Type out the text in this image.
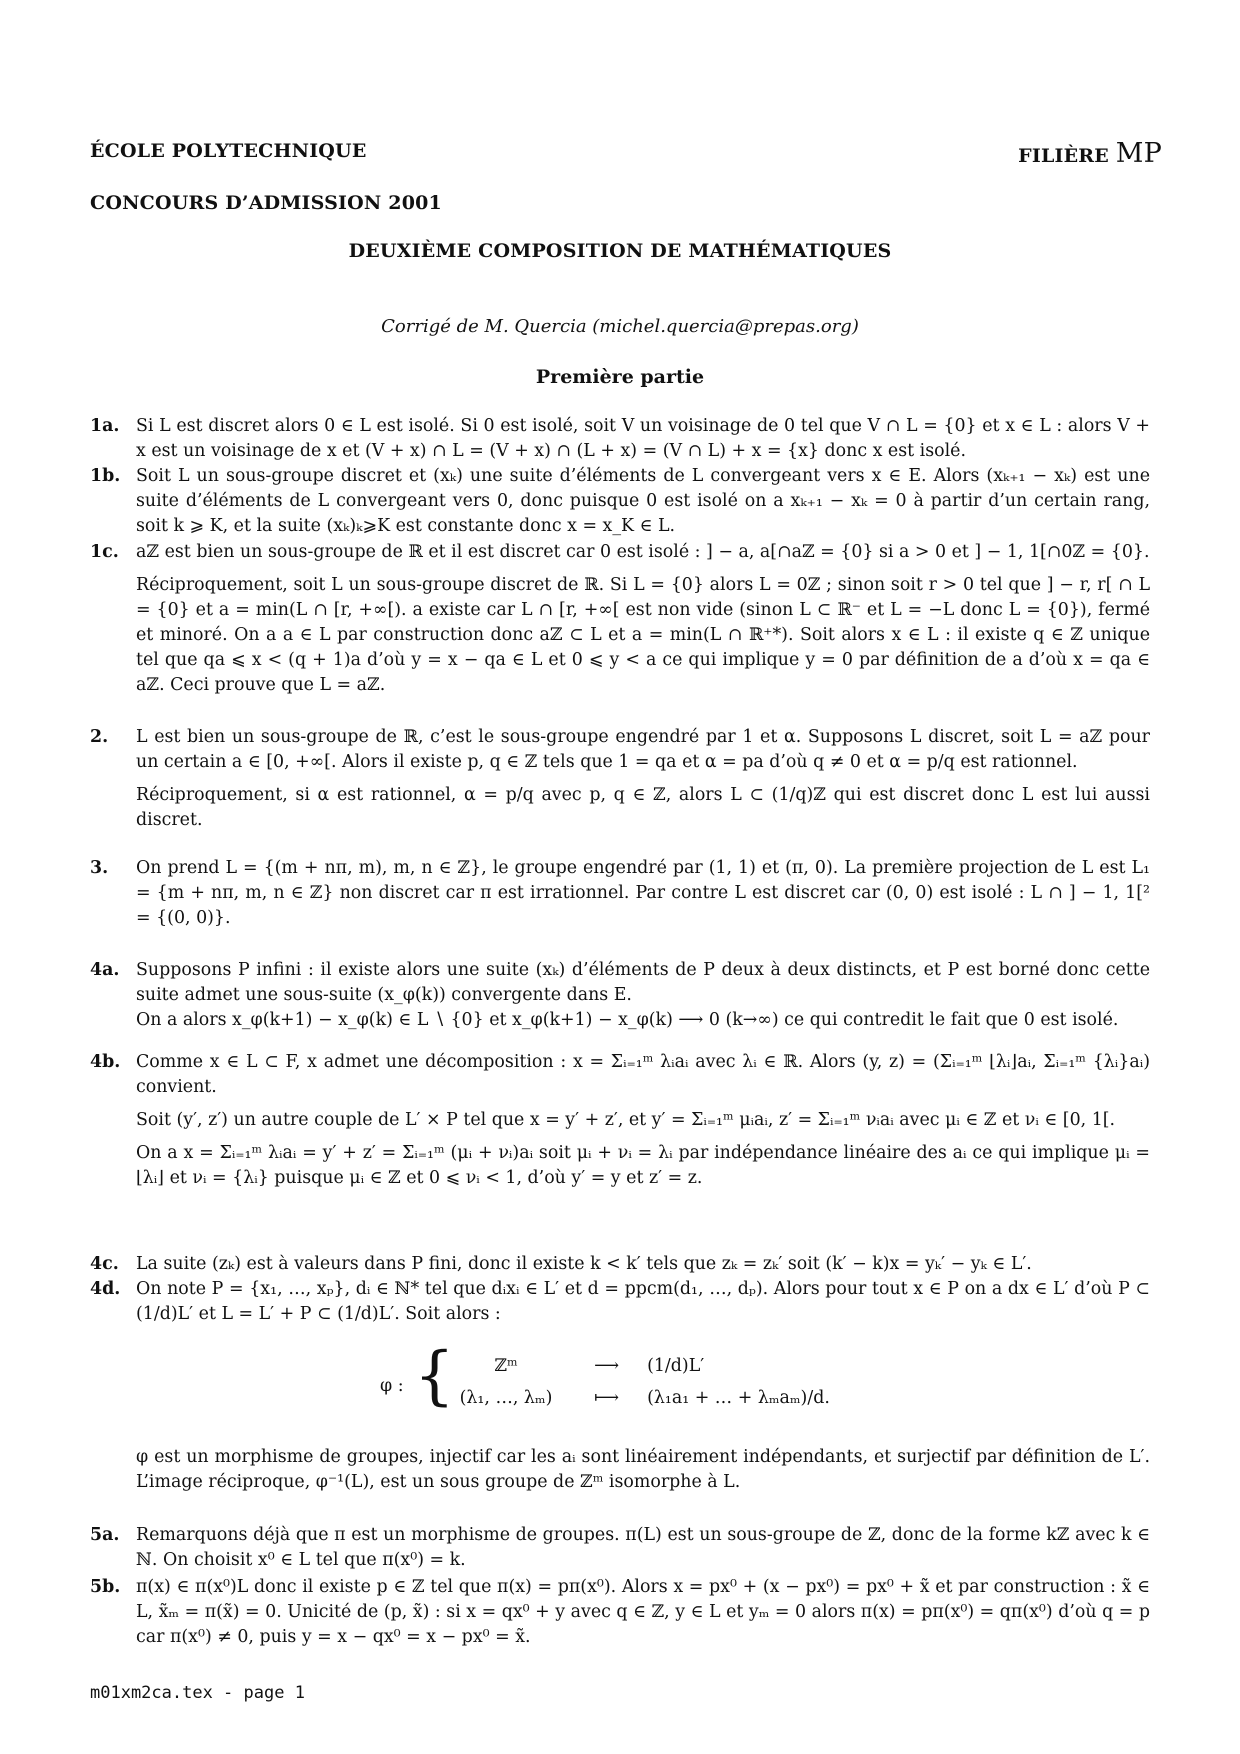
ÉCOLE POLYTECHNIQUE	FILIÈRE MP
CONCOURS D’ADMISSION 2001
DEUXIÈME COMPOSITION DE MATHÉMATIQUES
Corrigé de M. Quercia (michel.quercia@prepas.org)
Première partie
1a. Si L est discret alors 0 ∈ L est isolé. Si 0 est isolé, soit V un voisinage de 0 tel que V ∩ L = {0} et x ∈ L : alors V + x est un voisinage de x et (V + x) ∩ L = (V + x) ∩ (L + x) = (V ∩ L) + x = {x} donc x est isolé.

1b. Soit L un sous-groupe discret et (xₖ) une suite d’éléments de L convergeant vers x ∈ E. Alors (xₖ₊₁ − xₖ) est une suite d’éléments de L convergeant vers 0, donc puisque 0 est isolé on a xₖ₊₁ − xₖ = 0 à partir d’un certain rang, soit k ⩾ K, et la suite (xₖ)ₖ⩾K est constante donc x = x_K ∈ L.

1c. aℤ est bien un sous-groupe de ℝ et il est discret car 0 est isolé : ] − a, a[∩aℤ = {0} si a > 0 et ] − 1, 1[∩0ℤ = {0}.

Réciproquement, soit L un sous-groupe discret de ℝ. Si L = {0} alors L = 0ℤ ; sinon soit r > 0 tel que ] − r, r[ ∩ L = {0} et a = min(L ∩ [r, +∞[). a existe car L ∩ [r, +∞[ est non vide (sinon L ⊂ ℝ⁻ et L = −L donc L = {0}), fermé et minoré. On a a ∈ L par construction donc aℤ ⊂ L et a = min(L ∩ ℝ⁺*). Soit alors x ∈ L : il existe q ∈ ℤ unique tel que qa ⩽ x < (q + 1)a d’où y = x − qa ∈ L et 0 ⩽ y < a ce qui implique y = 0 par définition de a d’où x = qa ∈ aℤ. Ceci prouve que L = aℤ.

2. L est bien un sous-groupe de ℝ, c’est le sous-groupe engendré par 1 et α. Supposons L discret, soit L = aℤ pour un certain a ∈ [0, +∞[. Alors il existe p, q ∈ ℤ tels que 1 = qa et α = pa d’où q ≠ 0 et α = p/q est rationnel.

Réciproquement, si α est rationnel, α = p/q avec p, q ∈ ℤ, alors L ⊂ (1/q)ℤ qui est discret donc L est lui aussi discret.

3. On prend L = {(m + nπ, m), m, n ∈ ℤ}, le groupe engendré par (1, 1) et (π, 0). La première projection de L est L₁ = {m + nπ, m, n ∈ ℤ} non discret car π est irrationnel. Par contre L est discret car (0, 0) est isolé : L ∩ ] − 1, 1[² = {(0, 0)}.

4a. Supposons P infini : il existe alors une suite (xₖ) d’éléments de P deux à deux distincts, et P est borné donc cette suite admet une sous-suite (x_φ(k)) convergente dans E.

On a alors x_φ(k+1) − x_φ(k) ∈ L ∖ {0} et x_φ(k+1) − x_φ(k) ⟶ 0 (k→∞) ce qui contredit le fait que 0 est isolé.

4b. Comme x ∈ L ⊂ F, x admet une décomposition : x = Σᵢ₌₁ᵐ λᵢaᵢ avec λᵢ ∈ ℝ. Alors (y, z) = (Σᵢ₌₁ᵐ ⌊λᵢ⌋aᵢ, Σᵢ₌₁ᵐ {λᵢ}aᵢ) convient.

Soit (y′, z′) un autre couple de L′ × P tel que x = y′ + z′, et y′ = Σᵢ₌₁ᵐ μᵢaᵢ, z′ = Σᵢ₌₁ᵐ νᵢaᵢ avec μᵢ ∈ ℤ et νᵢ ∈ [0, 1[.

On a x = Σᵢ₌₁ᵐ λᵢaᵢ = y′ + z′ = Σᵢ₌₁ᵐ (μᵢ + νᵢ)aᵢ soit μᵢ + νᵢ = λᵢ par indépendance linéaire des aᵢ ce qui implique μᵢ = ⌊λᵢ⌋ et νᵢ = {λᵢ} puisque μᵢ ∈ ℤ et 0 ⩽ νᵢ < 1, d’où y′ = y et z′ = z.

4c. La suite (zₖ) est à valeurs dans P fini, donc il existe k < k′ tels que zₖ = zₖ′ soit (k′ − k)x = yₖ′ − yₖ ∈ L′.

4d. On note P = {x₁, …, xₚ}, dᵢ ∈ ℕ* tel que dᵢxᵢ ∈ L′ et d = ppcm(d₁, …, dₚ). Alors pour tout x ∈ P on a dx ∈ L′ d’où P ⊂ (1/d)L′ et L = L′ + P ⊂ (1/d)L′. Soit alors :

φ : {	ℤᵐ	⟶ (1/d)L′
(λ₁, …, λₘ) ⟼ (λ₁a₁ + … + λₘaₘ)/d.

φ est un morphisme de groupes, injectif car les aᵢ sont linéairement indépendants, et surjectif par définition de L′. L’image réciproque, φ⁻¹(L), est un sous groupe de ℤᵐ isomorphe à L.

5a. Remarquons déjà que π est un morphisme de groupes. π(L) est un sous-groupe de ℤ, donc de la forme kℤ avec k ∈ ℕ. On choisit x⁰ ∈ L tel que π(x⁰) = k.

5b. π(x) ∈ π(x⁰)L donc il existe p ∈ ℤ tel que π(x) = pπ(x⁰). Alors x = px⁰ + (x − px⁰) = px⁰ + x̃ et par construction : x̃ ∈ L, x̃ₘ = π(x̃) = 0. Unicité de (p, x̃) : si x = qx⁰ + y avec q ∈ ℤ, y ∈ L et yₘ = 0 alors π(x) = pπ(x⁰) = qπ(x⁰) d’où q = p car π(x⁰) ≠ 0, puis y = x − qx⁰ = x − px⁰ = x̃.

m01xm2ca.tex - page 1
